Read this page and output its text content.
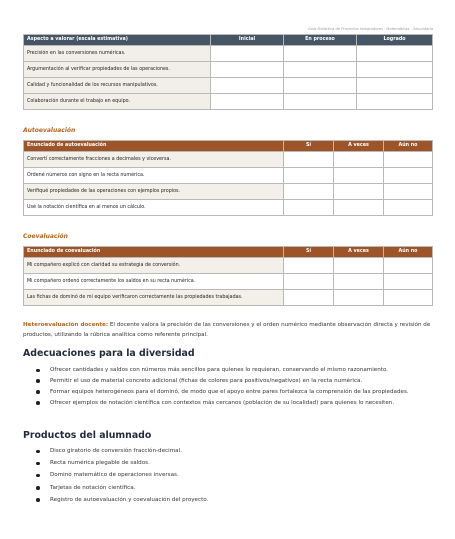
Guía Didáctica de Proyectos Integradores · Matemáticas · Secundaria
Aspecto a valorar (escala estimativa)	Inicial	En proceso	Logrado
Precisión en las conversiones numéricas.			
Argumentación al verificar propiedades de las operaciones.			
Calidad y funcionalidad de los recursos manipulativos.			
Colaboración durante el trabajo en equipo.			
Autoevaluación
Enunciado de autoevaluación	Sí	A veces	Aún no
Convertí correctamente fracciones a decimales y viceversa.			
Ordené números con signo en la recta numérica.			
Verifiqué propiedades de las operaciones con ejemplos propios.			
Usé la notación científica en al menos un cálculo.			
Coevaluación
Enunciado de coevaluación	Sí	A veces	Aún no
Mi compañero explicó con claridad su estrategia de conversión.			
Mi compañero ordenó correctamente los saldos en su recta numérica.			
Las fichas de dominó de mi equipo verificaron correctamente las propiedades trabajadas.			
Heteroevaluación docente: El docente valora la precisión de las conversiones y el orden numérico mediante observación directa y revisión de productos, utilizando la rúbrica analítica como referente principal.
Adecuaciones para la diversidad
Ofrecer cantidades y saldos con números más sencillos para quienes lo requieran, conservando el mismo razonamiento.
Permitir el uso de material concreto adicional (fichas de colores para positivos/negativos) en la recta numérica.
Formar equipos heterogéneos para el dominó, de modo que el apoyo entre pares fortalezca la comprensión de las propiedades.
Ofrecer ejemplos de notación científica con contextos más cercanos (población de su localidad) para quienes lo necesiten.
Productos del alumnado
Disco giratorio de conversión fracción-decimal.
Recta numérica plegable de saldos.
Dominó matemático de operaciones inversas.
Tarjetas de notación científica.
Registro de autoevaluación y coevaluación del proyecto.
